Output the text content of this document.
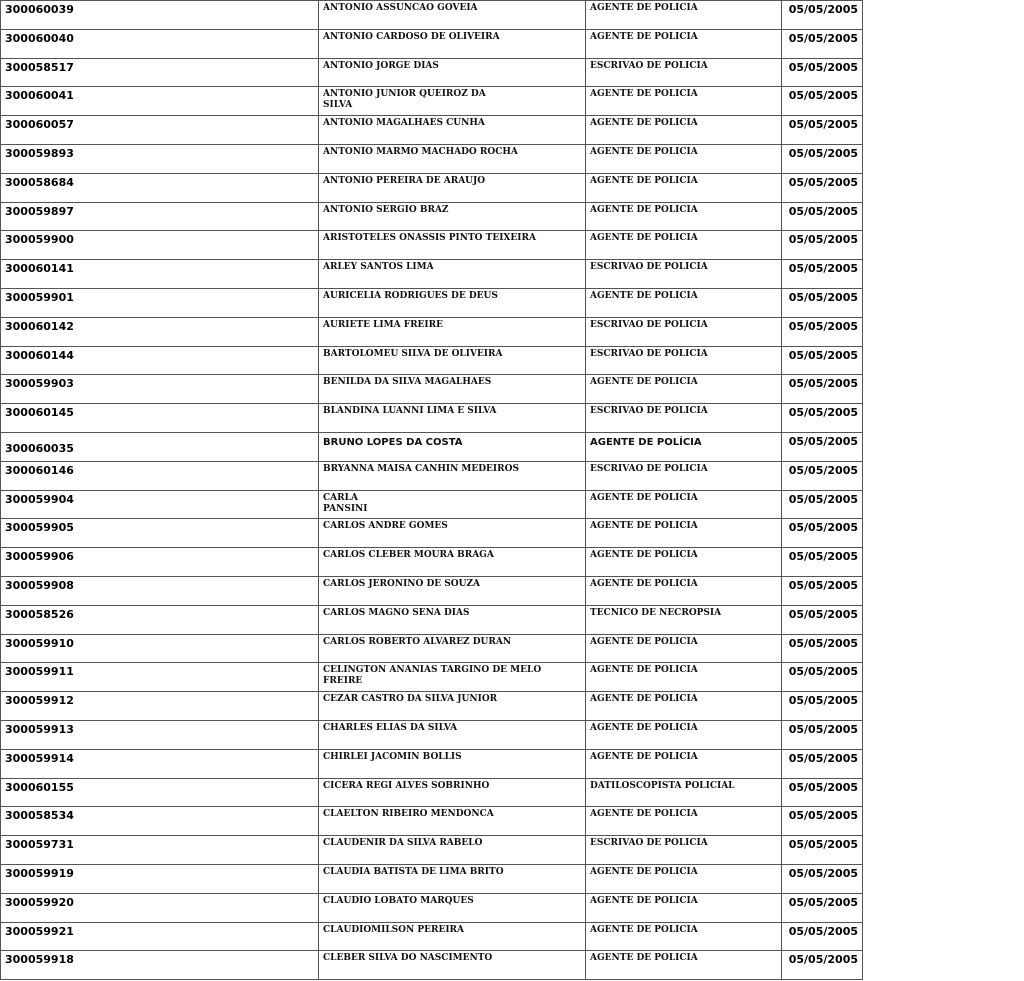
300060039	ANTONIO ASSUNCAO GOVEIA	AGENTE DE POLICIA	05/05/2005
300060040	ANTONIO CARDOSO DE OLIVEIRA	AGENTE DE POLICIA	05/05/2005
300058517	ANTONIO JORGE DIAS	ESCRIVAO DE POLICIA	05/05/2005
300060041	ANTONIO JUNIOR QUEIROZ DA SILVA	AGENTE DE POLICIA	05/05/2005
300060057	ANTONIO MAGALHAES CUNHA	AGENTE DE POLICIA	05/05/2005
300059893	ANTONIO MARMO MACHADO ROCHA	AGENTE DE POLICIA	05/05/2005
300058684	ANTONIO PEREIRA DE ARAUJO	AGENTE DE POLICIA	05/05/2005
300059897	ANTONIO SERGIO BRAZ	AGENTE DE POLICIA	05/05/2005
300059900	ARISTOTELES ONASSIS PINTO TEIXEIRA	AGENTE DE POLICIA	05/05/2005
300060141	ARLEY SANTOS LIMA	ESCRIVAO DE POLICIA	05/05/2005
300059901	AURICELIA RODRIGUES DE DEUS	AGENTE DE POLICIA	05/05/2005
300060142	AURIETE LIMA FREIRE	ESCRIVAO DE POLICIA	05/05/2005
300060144	BARTOLOMEU SILVA DE OLIVEIRA	ESCRIVAO DE POLICIA	05/05/2005
300059903	BENILDA DA SILVA MAGALHAES	AGENTE DE POLICIA	05/05/2005
300060145	BLANDINA LUANNI LIMA E SILVA	ESCRIVAO DE POLICIA	05/05/2005
300060035	BRUNO LOPES DA COSTA	AGENTE DE POLÍCIA	05/05/2005
300060146	BRYANNA MAISA CANHIN MEDEIROS	ESCRIVAO DE POLICIA	05/05/2005
300059904	CARLA PANSINI	AGENTE DE POLICIA	05/05/2005
300059905	CARLOS ANDRE GOMES	AGENTE DE POLICIA	05/05/2005
300059906	CARLOS CLEBER MOURA BRAGA	AGENTE DE POLICIA	05/05/2005
300059908	CARLOS JERONINO DE SOUZA	AGENTE DE POLICIA	05/05/2005
300058526	CARLOS MAGNO SENA DIAS	TECNICO DE NECROPSIA	05/05/2005
300059910	CARLOS ROBERTO ALVAREZ DURAN	AGENTE DE POLICIA	05/05/2005
300059911	CELINGTON ANANIAS TARGINO DE MELO FREIRE	AGENTE DE POLICIA	05/05/2005
300059912	CEZAR CASTRO DA SILVA JUNIOR	AGENTE DE POLICIA	05/05/2005
300059913	CHARLES ELIAS DA SILVA	AGENTE DE POLICIA	05/05/2005
300059914	CHIRLEI JACOMIN BOLLIS	AGENTE DE POLICIA	05/05/2005
300060155	CICERA REGI ALVES SOBRINHO	DATILOSCOPISTA POLICIAL	05/05/2005
300058534	CLAELTON RIBEIRO MENDONCA	AGENTE DE POLICIA	05/05/2005
300059731	CLAUDENIR DA SILVA RABELO	ESCRIVAO DE POLICIA	05/05/2005
300059919	CLAUDIA BATISTA DE LIMA BRITO	AGENTE DE POLICIA	05/05/2005
300059920	CLAUDIO LOBATO MARQUES	AGENTE DE POLICIA	05/05/2005
300059921	CLAUDIOMILSON PEREIRA	AGENTE DE POLICIA	05/05/2005
300059918	CLEBER SILVA DO NASCIMENTO	AGENTE DE POLICIA	05/05/2005
